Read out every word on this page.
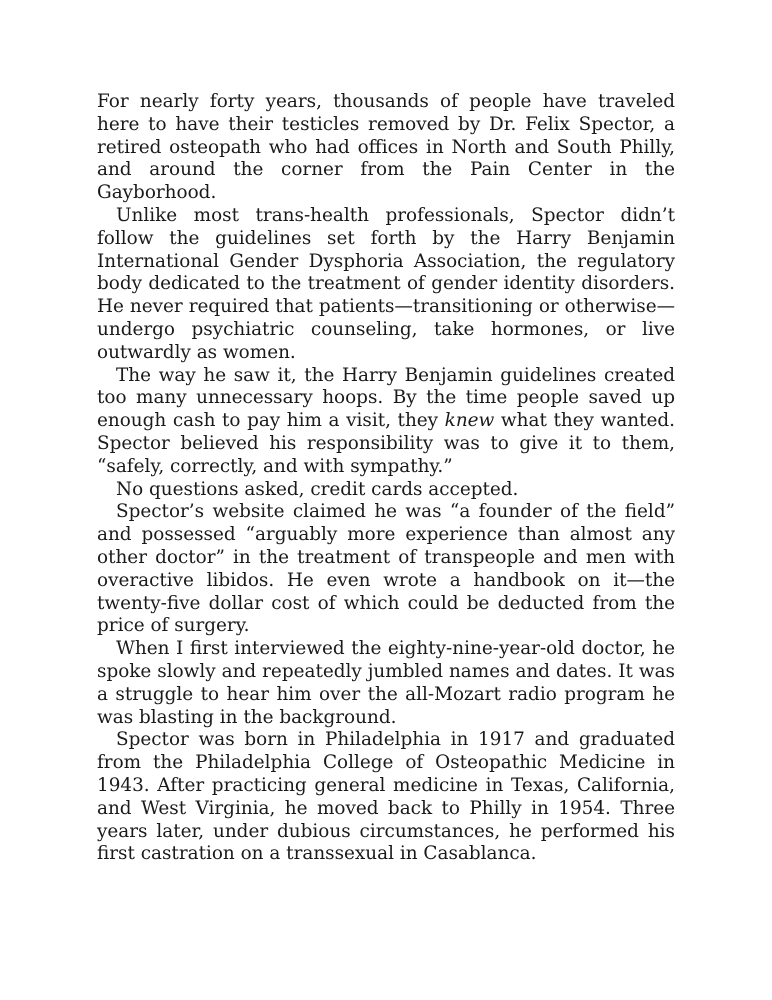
For nearly forty years, thousands of people have traveled here to have their testicles removed by Dr. Felix Spector, a retired osteopath who had offices in North and South Philly, and around the corner from the Pain Center in the Gayborhood.

Unlike most trans-health professionals, Spector didn’t follow the guidelines set forth by the Harry Benjamin International Gender Dysphoria Association, the regulatory body dedicated to the treatment of gender identity disorders. He never required that patients—transitioning or otherwise—undergo psychiatric counseling, take hormones, or live outwardly as women.

The way he saw it, the Harry Benjamin guidelines created too many unnecessary hoops. By the time people saved up enough cash to pay him a visit, they knew what they wanted. Spector believed his responsibility was to give it to them, “safely, correctly, and with sympathy.”

No questions asked, credit cards accepted.

Spector’s website claimed he was “a founder of the field” and possessed “arguably more experience than almost any other doctor” in the treatment of transpeople and men with overactive libidos. He even wrote a handbook on it—the twenty-five dollar cost of which could be deducted from the price of surgery.

When I first interviewed the eighty-nine-year-old doctor, he spoke slowly and repeatedly jumbled names and dates. It was a struggle to hear him over the all-Mozart radio program he was blasting in the background.

Spector was born in Philadelphia in 1917 and graduated from the Philadelphia College of Osteopathic Medicine in 1943. After practicing general medicine in Texas, California, and West Virginia, he moved back to Philly in 1954. Three years later, under dubious circumstances, he performed his first castration on a transsexual in Casablanca.
